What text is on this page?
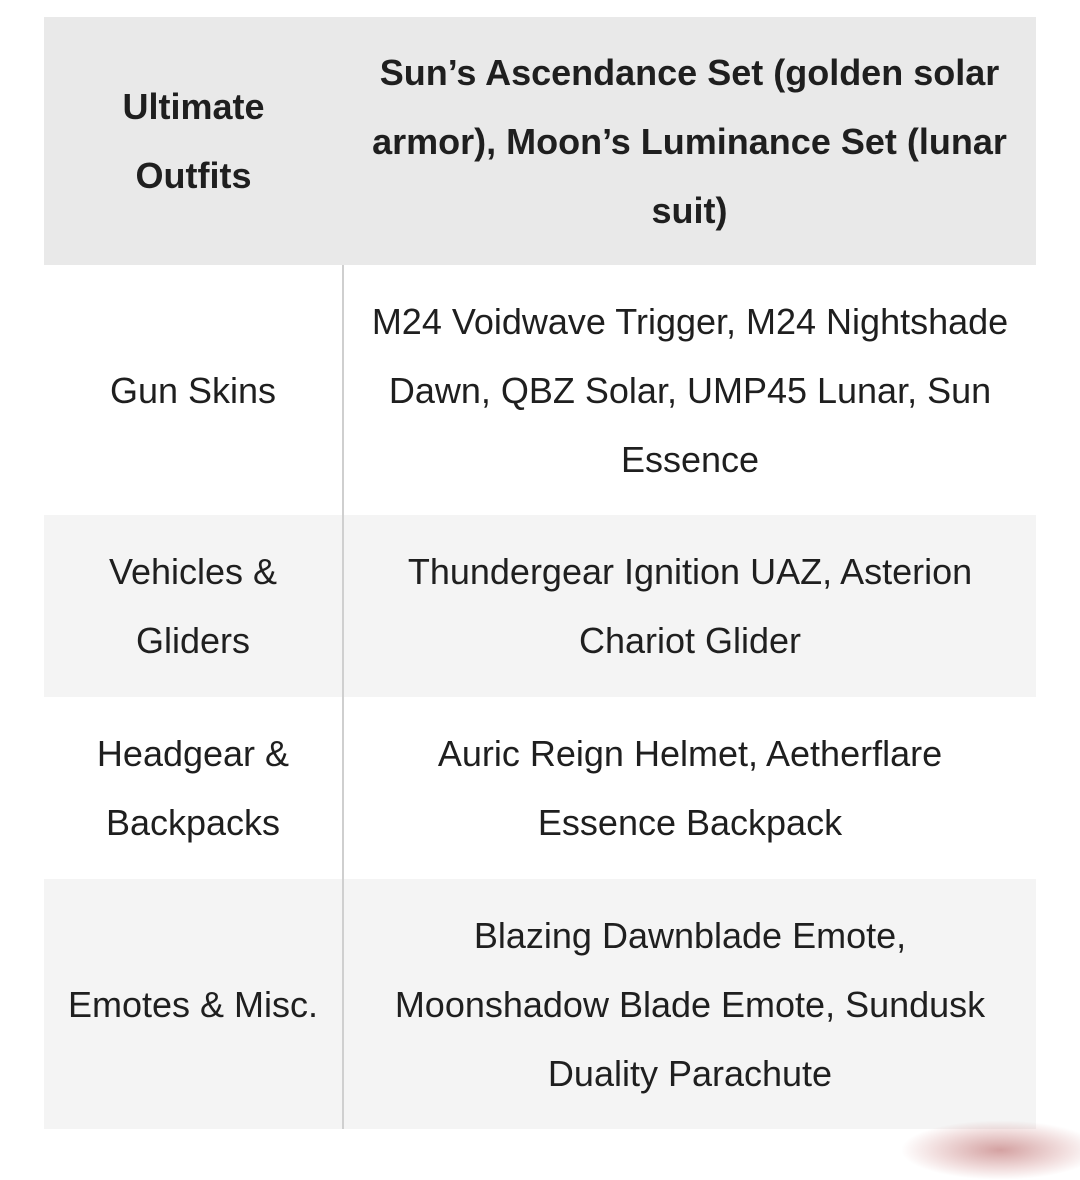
Ultimate Outfits	Sun’s Ascendance Set (golden solar armor), Moon’s Luminance Set (lunar suit)

Gun Skins	M24 Voidwave Trigger, M24 Nightshade Dawn, QBZ Solar, UMP45 Lunar, Sun Essence

Vehicles & Gliders	Thundergear Ignition UAZ, Asterion Chariot Glider

Headgear & Backpacks	Auric Reign Helmet, Aetherflare Essence Backpack

Emotes & Misc.	Blazing Dawnblade Emote, Moonshadow Blade Emote, Sundusk Duality Parachute
